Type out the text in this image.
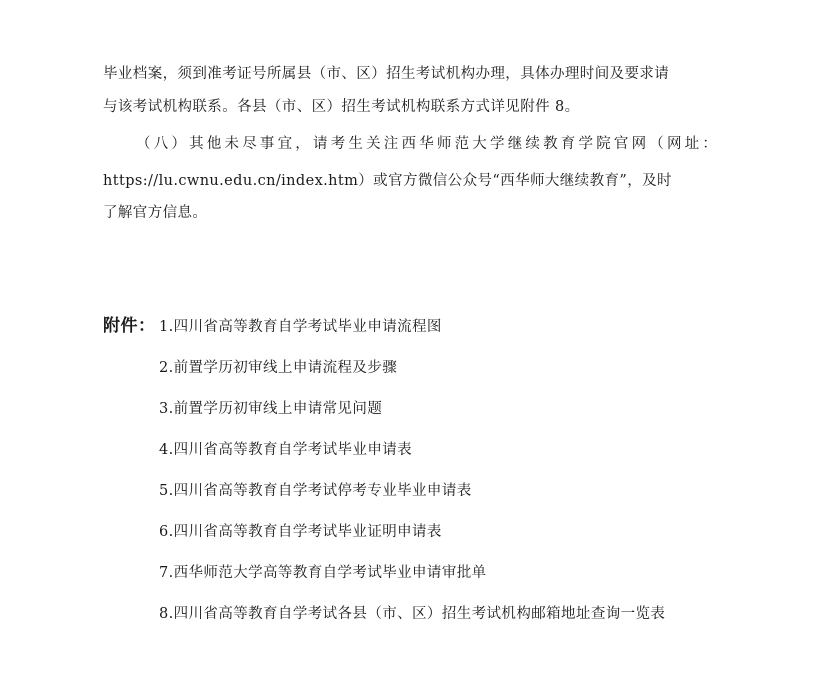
毕业档案，须到准考证号所属县（市、区）招生考试机构办理，具体办理时间及要求请
与该考试机构联系。各县（市、区）招生考试机构联系方式详见附件 8。
（八）其他未尽事宜，请考生关注西华师范大学继续教育学院官网（网址：
https://lu.cwnu.edu.cn/index.htm）或官方微信公众号“西华师大继续教育”，及时
了解官方信息。
附件： 1.四川省高等教育自学考试毕业申请流程图
2.前置学历初审线上申请流程及步骤
3.前置学历初审线上申请常见问题
4.四川省高等教育自学考试毕业申请表
5.四川省高等教育自学考试停考专业毕业申请表
6.四川省高等教育自学考试毕业证明申请表
7.西华师范大学高等教育自学考试毕业申请审批单
8.四川省高等教育自学考试各县（市、区）招生考试机构邮箱地址查询一览表
